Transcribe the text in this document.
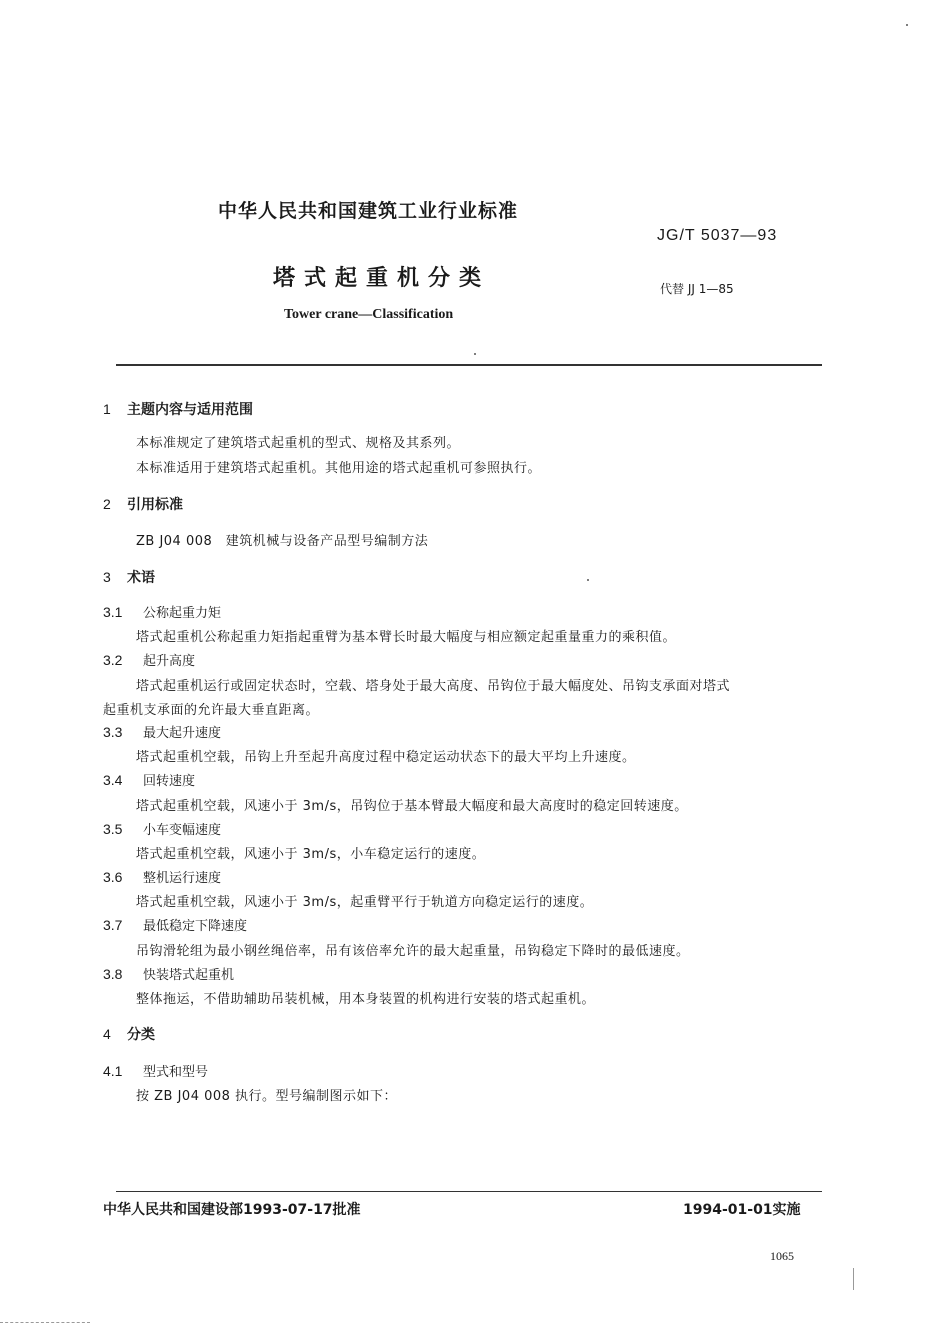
中华人民共和国建筑工业行业标准
JG/T 5037—93
塔式起重机分类	代替 JJ 1—85
Tower crane—Classification
1 主题内容与适用范围
本标准规定了建筑塔式起重机的型式、规格及其系列。
本标准适用于建筑塔式起重机。其他用途的塔式起重机可参照执行。
2 引用标准
ZB J04 008　建筑机械与设备产品型号编制方法
3 术语
3.1 公称起重力矩
塔式起重机公称起重力矩指起重臂为基本臂长时最大幅度与相应额定起重量重力的乘积值。
3.2 起升高度
塔式起重机运行或固定状态时，空载、塔身处于最大高度、吊钩位于最大幅度处、吊钩支承面对塔式
起重机支承面的允许最大垂直距离。
3.3 最大起升速度
塔式起重机空载，吊钩上升至起升高度过程中稳定运动状态下的最大平均上升速度。
3.4 回转速度
塔式起重机空载，风速小于 3m/s，吊钩位于基本臂最大幅度和最大高度时的稳定回转速度。
3.5 小车变幅速度
塔式起重机空载，风速小于 3m/s，小车稳定运行的速度。
3.6 整机运行速度
塔式起重机空载，风速小于 3m/s，起重臂平行于轨道方向稳定运行的速度。
3.7 最低稳定下降速度
吊钩滑轮组为最小钢丝绳倍率，吊有该倍率允许的最大起重量，吊钩稳定下降时的最低速度。
3.8 快装塔式起重机
整体拖运，不借助辅助吊装机械，用本身装置的机构进行安装的塔式起重机。
4 分类
4.1 型式和型号
按 ZB J04 008 执行。型号编制图示如下：
中华人民共和国建设部1993-07-17批准	1994-01-01实施
1065
